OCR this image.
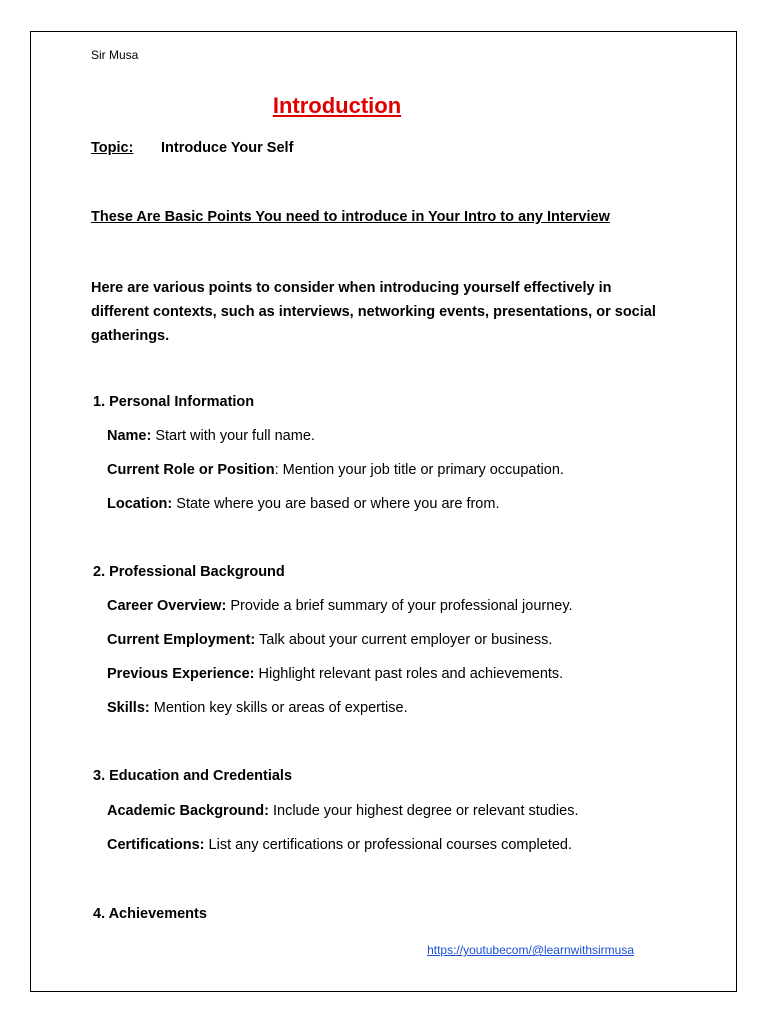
Sir Musa
Introduction
Topic: Introduce Your Self
These Are Basic Points You need to introduce in Your Intro to any Interview
Here are various points to consider when introducing yourself effectively in different contexts, such as interviews, networking events, presentations, or social gatherings.
1. Personal Information
Name: Start with your full name.
Current Role or Position: Mention your job title or primary occupation.
Location: State where you are based or where you are from.
2. Professional Background
Career Overview: Provide a brief summary of your professional journey.
Current Employment: Talk about your current employer or business.
Previous Experience: Highlight relevant past roles and achievements.
Skills: Mention key skills or areas of expertise.
3. Education and Credentials
Academic Background: Include your highest degree or relevant studies.
Certifications: List any certifications or professional courses completed.
4. Achievements
https://youtubecom/@learnwithsirmusa
